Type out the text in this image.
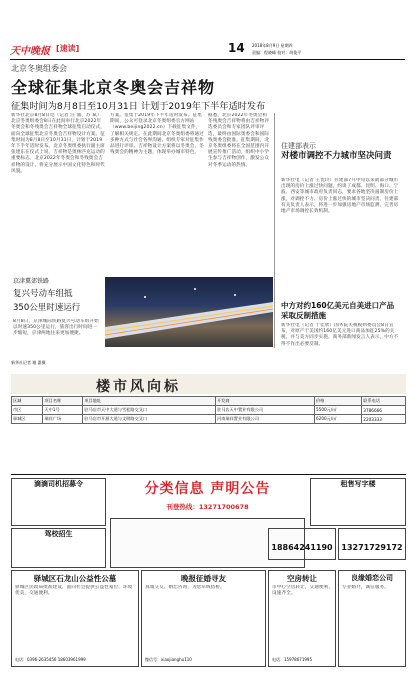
天中晚报 [速读]	14 2018年8月9日 星期四
责编：程晓峰 校对：胡俊平
北京冬奥组委会
全球征集北京冬奥会吉祥物
征集时间为8月8日至10月31日 计划于2019年下半年适时发布
新华社北京8月8日电（记者 汪 涌、苏 斌）北京冬奥组委会8日在此间举行北京2022年冬奥会和冬残奥会吉祥物全球征集启动仪式，面向全球征集北京冬奥会吉祥物设计方案。征集时间为8月8日至10月31日，计划于2019年下半年适时发布。北京冬奥组委执行副主席张建东在仪式上说，吉祥物是奥林匹克运动的重要标志，北京2022年冬奥会和冬残奥会吉祥物的设计，将充分展示中国文化特色和时代风貌。
方案。征集于2019年下半年适时发布。征集期间，公众可登录北京冬奥组委官方网站（www.beijing2022.cn）下载征集文件，了解相关规定。在此期间北京冬奥组委将通过多种方式与社会各界沟通，组织专家对征集作品进行评审。吉祥物设计方案将以冬奥会、冬残奥会的精神为主题，体现举办城市特色。
据悉，北京2022年冬奥会和冬残奥会吉祥物将由吉祥物评选委员会和专家团队评审评选，最终由国际奥委会和国际残奥委会批准。征集期间，北京冬奥组委将在全国范围内开展宣传推广活动，组织中小学生参与吉祥物创作，激发公众对冬季运动的热情。
住建部表示
对楼市调控不力城市坚决问责
新华社电（记者 王优玲）住建部7月中旬以来就部分城市出现的房价上涨过快问题，约谈了成都、昆明、海口、宁波、西安等城市政府负责同志，要求各地坚决遏制房价上涨，对调控不力、房价上涨过快的城市坚决问责。住建部有关负责人表示，将进一步加强房地产市场监测，完善房地产市场调控长效机制。
中方对约160亿美元自美进口产品采取反制措施
新华社电（记者 于佳欣）国务院关税税则委员会8日宣布，对原产于美国约160亿美元进口商品加征25%的关税，并与美方同步实施。商务部新闻发言人表示，中方不得不作出必要反制。
京津冀郊铁路
复兴号动车组抵
350公里时速运行
8月8日，京津城际铁路复兴号动车组开始以时速350公里运行，旅客出行时间进一步缩短，京津两地往来更加便捷。
新华社记者 谢 惠摄
楼市风向标
区域	项目名称	项目地址	开发商	价格	联系电话
市区	天中1号	驻马店市天中大道与雪松路交叉口	驻马店天中置业有限公司	5500元/㎡	3786666
驿城区	瑞祥广场	驻马店市开源大道与文明路交叉口	河南瑞祥置业有限公司	6200元/㎡	2203333
滴滴司机招募令
驾校招生
分类信息 声明公告
刊登热线：13271700678
租售写字楼
18864241190 13271729172
驿城区石龙山公益性公墓
驿城区民政局批准建设，面向社会提供公益性墓位，环境优美，交通便利。
电话：0396-2635456 18603961999
晚报征婚寻友
真诚交友、婚恋咨询，为您牵线搭桥。
微信号：xiaojianghu110
空房转让
市中心空房转让，交通便利，设施齐全。
电话：15978671995
良缘婚恋公司
专业婚介，诚信服务。
